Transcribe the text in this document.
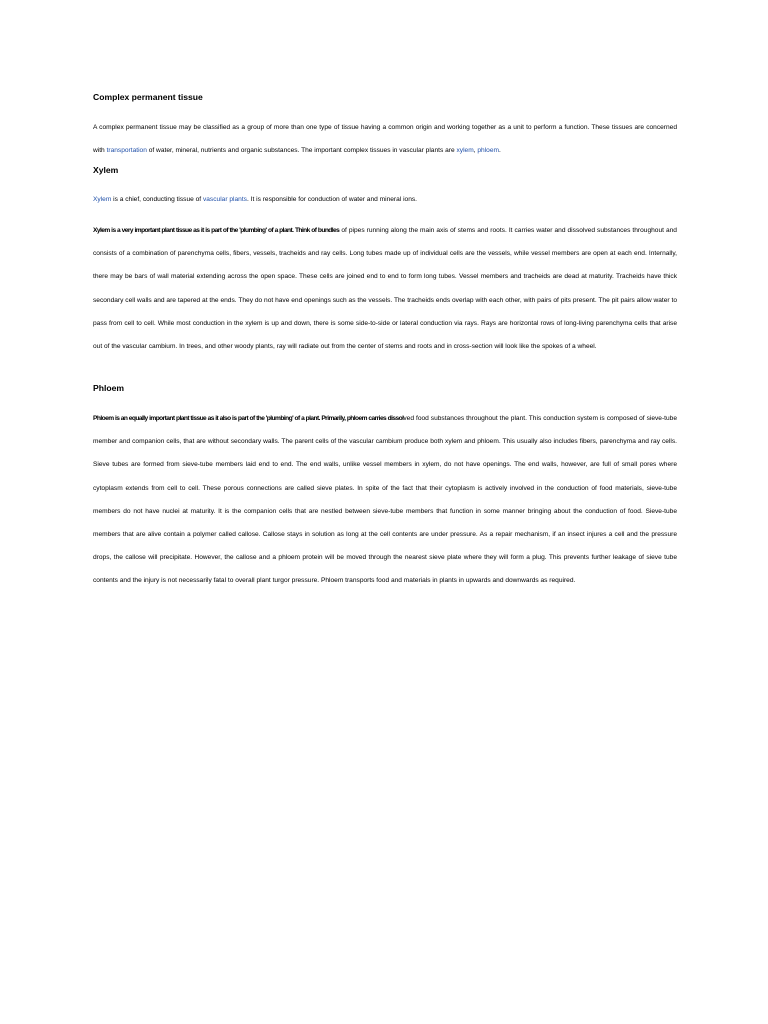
Complex permanent tissue

A complex permanent tissue may be classified as a group of more than one type of tissue having a common origin and working together as a unit to perform a function. These tissues are concerned with transportation of water, mineral, nutrients and organic substances. The important complex tissues in vascular plants are xylem, phloem.

Xylem

Xylem is a chief, conducting tissue of vascular plants. It is responsible for conduction of water and mineral ions.

Xylem is a very important plant tissue as it is part of the 'plumbing' of a plant. Think of bundles of pipes running along the main axis of stems and roots. It carries water and dissolved substances throughout and consists of a combination of parenchyma cells, fibers, vessels, tracheids and ray cells. Long tubes made up of individual cells are the vessels, while vessel members are open at each end. Internally, there may be bars of wall material extending across the open space. These cells are joined end to end to form long tubes. Vessel members and tracheids are dead at maturity. Tracheids have thick secondary cell walls and are tapered at the ends. They do not have end openings such as the vessels. The tracheids ends overlap with each other, with pairs of pits present. The pit pairs allow water to pass from cell to cell. While most conduction in the xylem is up and down, there is some side-to-side or lateral conduction via rays. Rays are horizontal rows of long-living parenchyma cells that arise out of the vascular cambium. In trees, and other woody plants, ray will radiate out from the center of stems and roots and in cross-section will look like the spokes of a wheel.

Phloem

Phloem is an equally important plant tissue as it also is part of the 'plumbing' of a plant. Primarily, phloem carries dissolved food substances throughout the plant. This conduction system is composed of sieve-tube member and companion cells, that are without secondary walls. The parent cells of the vascular cambium produce both xylem and phloem. This usually also includes fibers, parenchyma and ray cells. Sieve tubes are formed from sieve-tube members laid end to end. The end walls, unlike vessel members in xylem, do not have openings. The end walls, however, are full of small pores where cytoplasm extends from cell to cell. These porous connections are called sieve plates. In spite of the fact that their cytoplasm is actively involved in the conduction of food materials, sieve-tube members do not have nuclei at maturity. It is the companion cells that are nestled between sieve-tube members that function in some manner bringing about the conduction of food. Sieve-tube members that are alive contain a polymer called callose. Callose stays in solution as long at the cell contents are under pressure. As a repair mechanism, if an insect injures a cell and the pressure drops, the callose will precipitate. However, the callose and a phloem protein will be moved through the nearest sieve plate where they will form a plug. This prevents further leakage of sieve tube contents and the injury is not necessarily fatal to overall plant turgor pressure. Phloem transports food and materials in plants in upwards and downwards as required.
